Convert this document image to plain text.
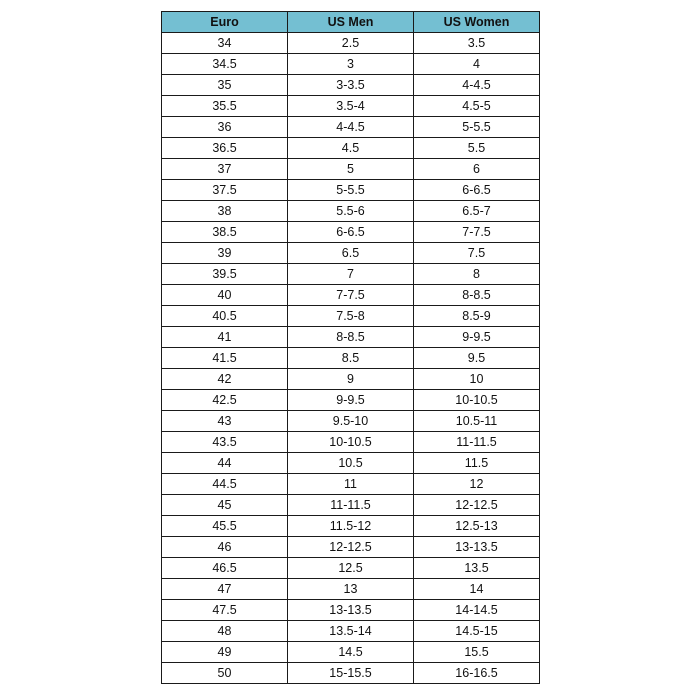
Euro	US Men	US Women
34	2.5	3.5
34.5	3	4
35	3-3.5	4-4.5
35.5	3.5-4	4.5-5
36	4-4.5	5-5.5
36.5	4.5	5.5
37	5	6
37.5	5-5.5	6-6.5
38	5.5-6	6.5-7
38.5	6-6.5	7-7.5
39	6.5	7.5
39.5	7	8
40	7-7.5	8-8.5
40.5	7.5-8	8.5-9
41	8-8.5	9-9.5
41.5	8.5	9.5
42	9	10
42.5	9-9.5	10-10.5
43	9.5-10	10.5-11
43.5	10-10.5	11-11.5
44	10.5	11.5
44.5	11	12
45	11-11.5	12-12.5
45.5	11.5-12	12.5-13
46	12-12.5	13-13.5
46.5	12.5	13.5
47	13	14
47.5	13-13.5	14-14.5
48	13.5-14	14.5-15
49	14.5	15.5
50	15-15.5	16-16.5
